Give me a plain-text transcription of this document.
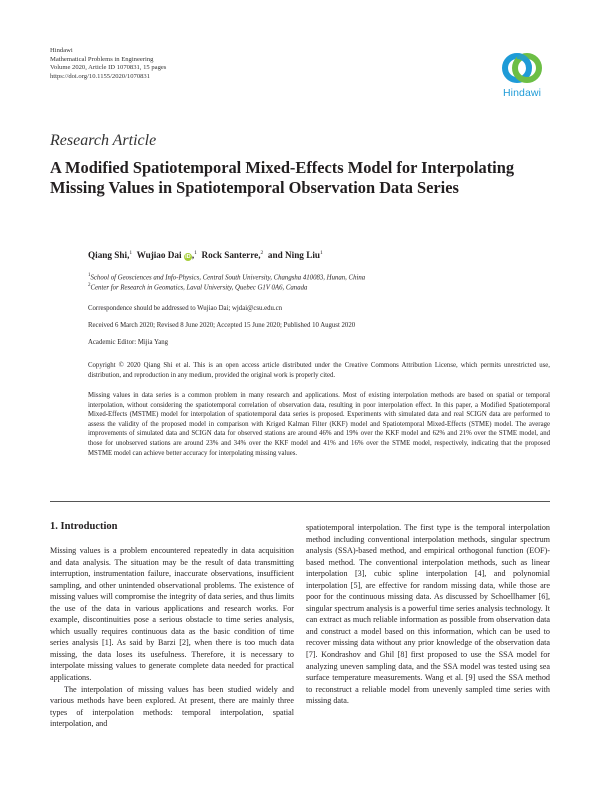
Hindawi
Mathematical Problems in Engineering
Volume 2020, Article ID 1070831, 15 pages
https://doi.org/10.1155/2020/1070831
Hindawi
Research Article
A Modified Spatiotemporal Mixed-Effects Model for Interpolating Missing Values in Spatiotemporal Observation Data Series
Qiang Shi,$^1$ Wujiao Dai iD,$^1$ Rock Santerre,$^2$ and Ning Liu$^1$
$^1$School of Geosciences and Info-Physics, Central South University, Changsha 410083, Hunan, China
$^2$Center for Research in Geomatics, Laval University, Quebec G1V 0A6, Canada
Correspondence should be addressed to Wujiao Dai; wjdai@csu.edu.cn
Received 6 March 2020; Revised 8 June 2020; Accepted 15 June 2020; Published 10 August 2020
Academic Editor: Mijia Yang
Copyright © 2020 Qiang Shi et al. This is an open access article distributed under the Creative Commons Attribution License, which permits unrestricted use, distribution, and reproduction in any medium, provided the original work is properly cited.
Missing values in data series is a common problem in many research and applications. Most of existing interpolation methods are based on spatial or temporal interpolation, without considering the spatiotemporal correlation of observation data, resulting in poor interpolation effect. In this paper, a Modified Spatiotemporal Mixed-Effects (MSTME) model for interpolation of spatiotemporal data series is proposed. Experiments with simulated data and real SCIGN data are performed to assess the validity of the proposed model in comparison with Kriged Kalman Filter (KKF) model and Spatiotemporal Mixed-Effects (STME) model. The average improvements of simulated data and SCIGN data for observed stations are around 46% and 19% over the KKF model and 62% and 21% over the STME model, and those for unobserved stations are around 23% and 34% over the KKF model and 41% and 16% over the STME model, respectively, indicating that the proposed MSTME model can achieve better accuracy for interpolating missing values.
1. Introduction

Missing values is a problem encountered repeatedly in data acquisition and data analysis. The situation may be the result of data transmitting interruption, instrumentation failure, inaccurate observations, insufficient sampling, and other unintended observational problems. The existence of missing values will compromise the integrity of data series, and thus limits the use of the data in various applications and research works. For example, discontinuities pose a serious obstacle to time series analysis, which usually requires continuous data as the basic condition of time series analysis [1]. As said by Barzi [2], when there is too much data missing, the data loses its usefulness. Therefore, it is necessary to interpolate missing values to generate complete data needed for practical applications.

The interpolation of missing values has been studied widely and various methods have been explored. At present, there are mainly three types of interpolation methods: temporal interpolation, spatial interpolation, and

spatiotemporal interpolation. The first type is the temporal interpolation method including conventional interpolation methods, singular spectrum analysis (SSA)-based method, and empirical orthogonal function (EOF)-based method. The conventional interpolation methods, such as linear interpolation [3], cubic spline interpolation [4], and polynomial interpolation [5], are effective for random missing data, while those are poor for the continuous missing data. As discussed by Schoellhamer [6], singular spectrum analysis is a powerful time series analysis technology. It can extract as much reliable information as possible from observation data and construct a model based on this information, which can be used to recover missing data without any prior knowledge of the observation data [7]. Kondrashov and Ghil [8] first proposed to use the SSA model for analyzing uneven sampling data, and the SSA model was tested using sea surface temperature measurements. Wang et al. [9] used the SSA method to reconstruct a reliable model from unevenly sampled time series with missing data.
